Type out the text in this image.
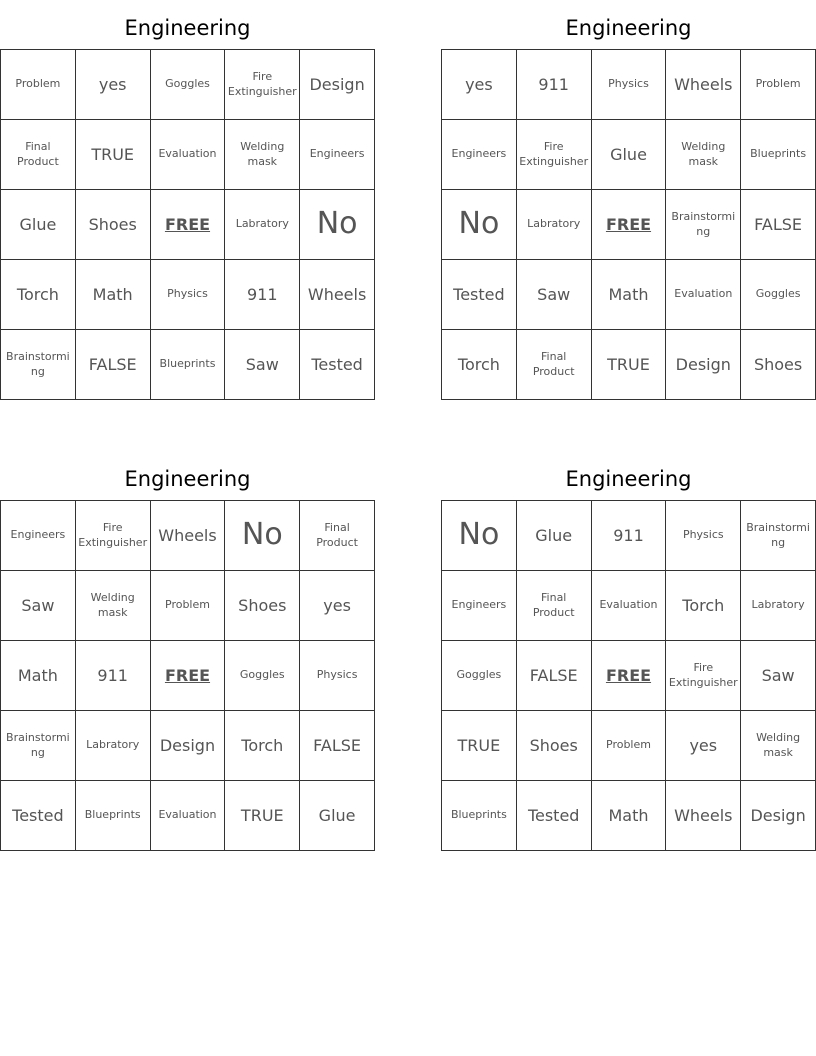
Engineering
Problem	yes	Goggles	Fire Extinguisher	Design
Final Product	TRUE	Evaluation	Welding mask	Engineers
Glue	Shoes	FREE	Labratory	No
Torch	Math	Physics	911	Wheels
Brainstorming	FALSE	Blueprints	Saw	Tested
Engineering
yes	911	Physics	Wheels	Problem
Engineers	Fire Extinguisher	Glue	Welding mask	Blueprints
No	Labratory	FREE	Brainstorming	FALSE
Tested	Saw	Math	Evaluation	Goggles
Torch	Final Product	TRUE	Design	Shoes
Engineering
Engineers	Fire Extinguisher	Wheels	No	Final Product
Saw	Welding mask	Problem	Shoes	yes
Math	911	FREE	Goggles	Physics
Brainstorming	Labratory	Design	Torch	FALSE
Tested	Blueprints	Evaluation	TRUE	Glue
Engineering
No	Glue	911	Physics	Brainstorming
Engineers	Final Product	Evaluation	Torch	Labratory
Goggles	FALSE	FREE	Fire Extinguisher	Saw
TRUE	Shoes	Problem	yes	Welding mask
Blueprints	Tested	Math	Wheels	Design
